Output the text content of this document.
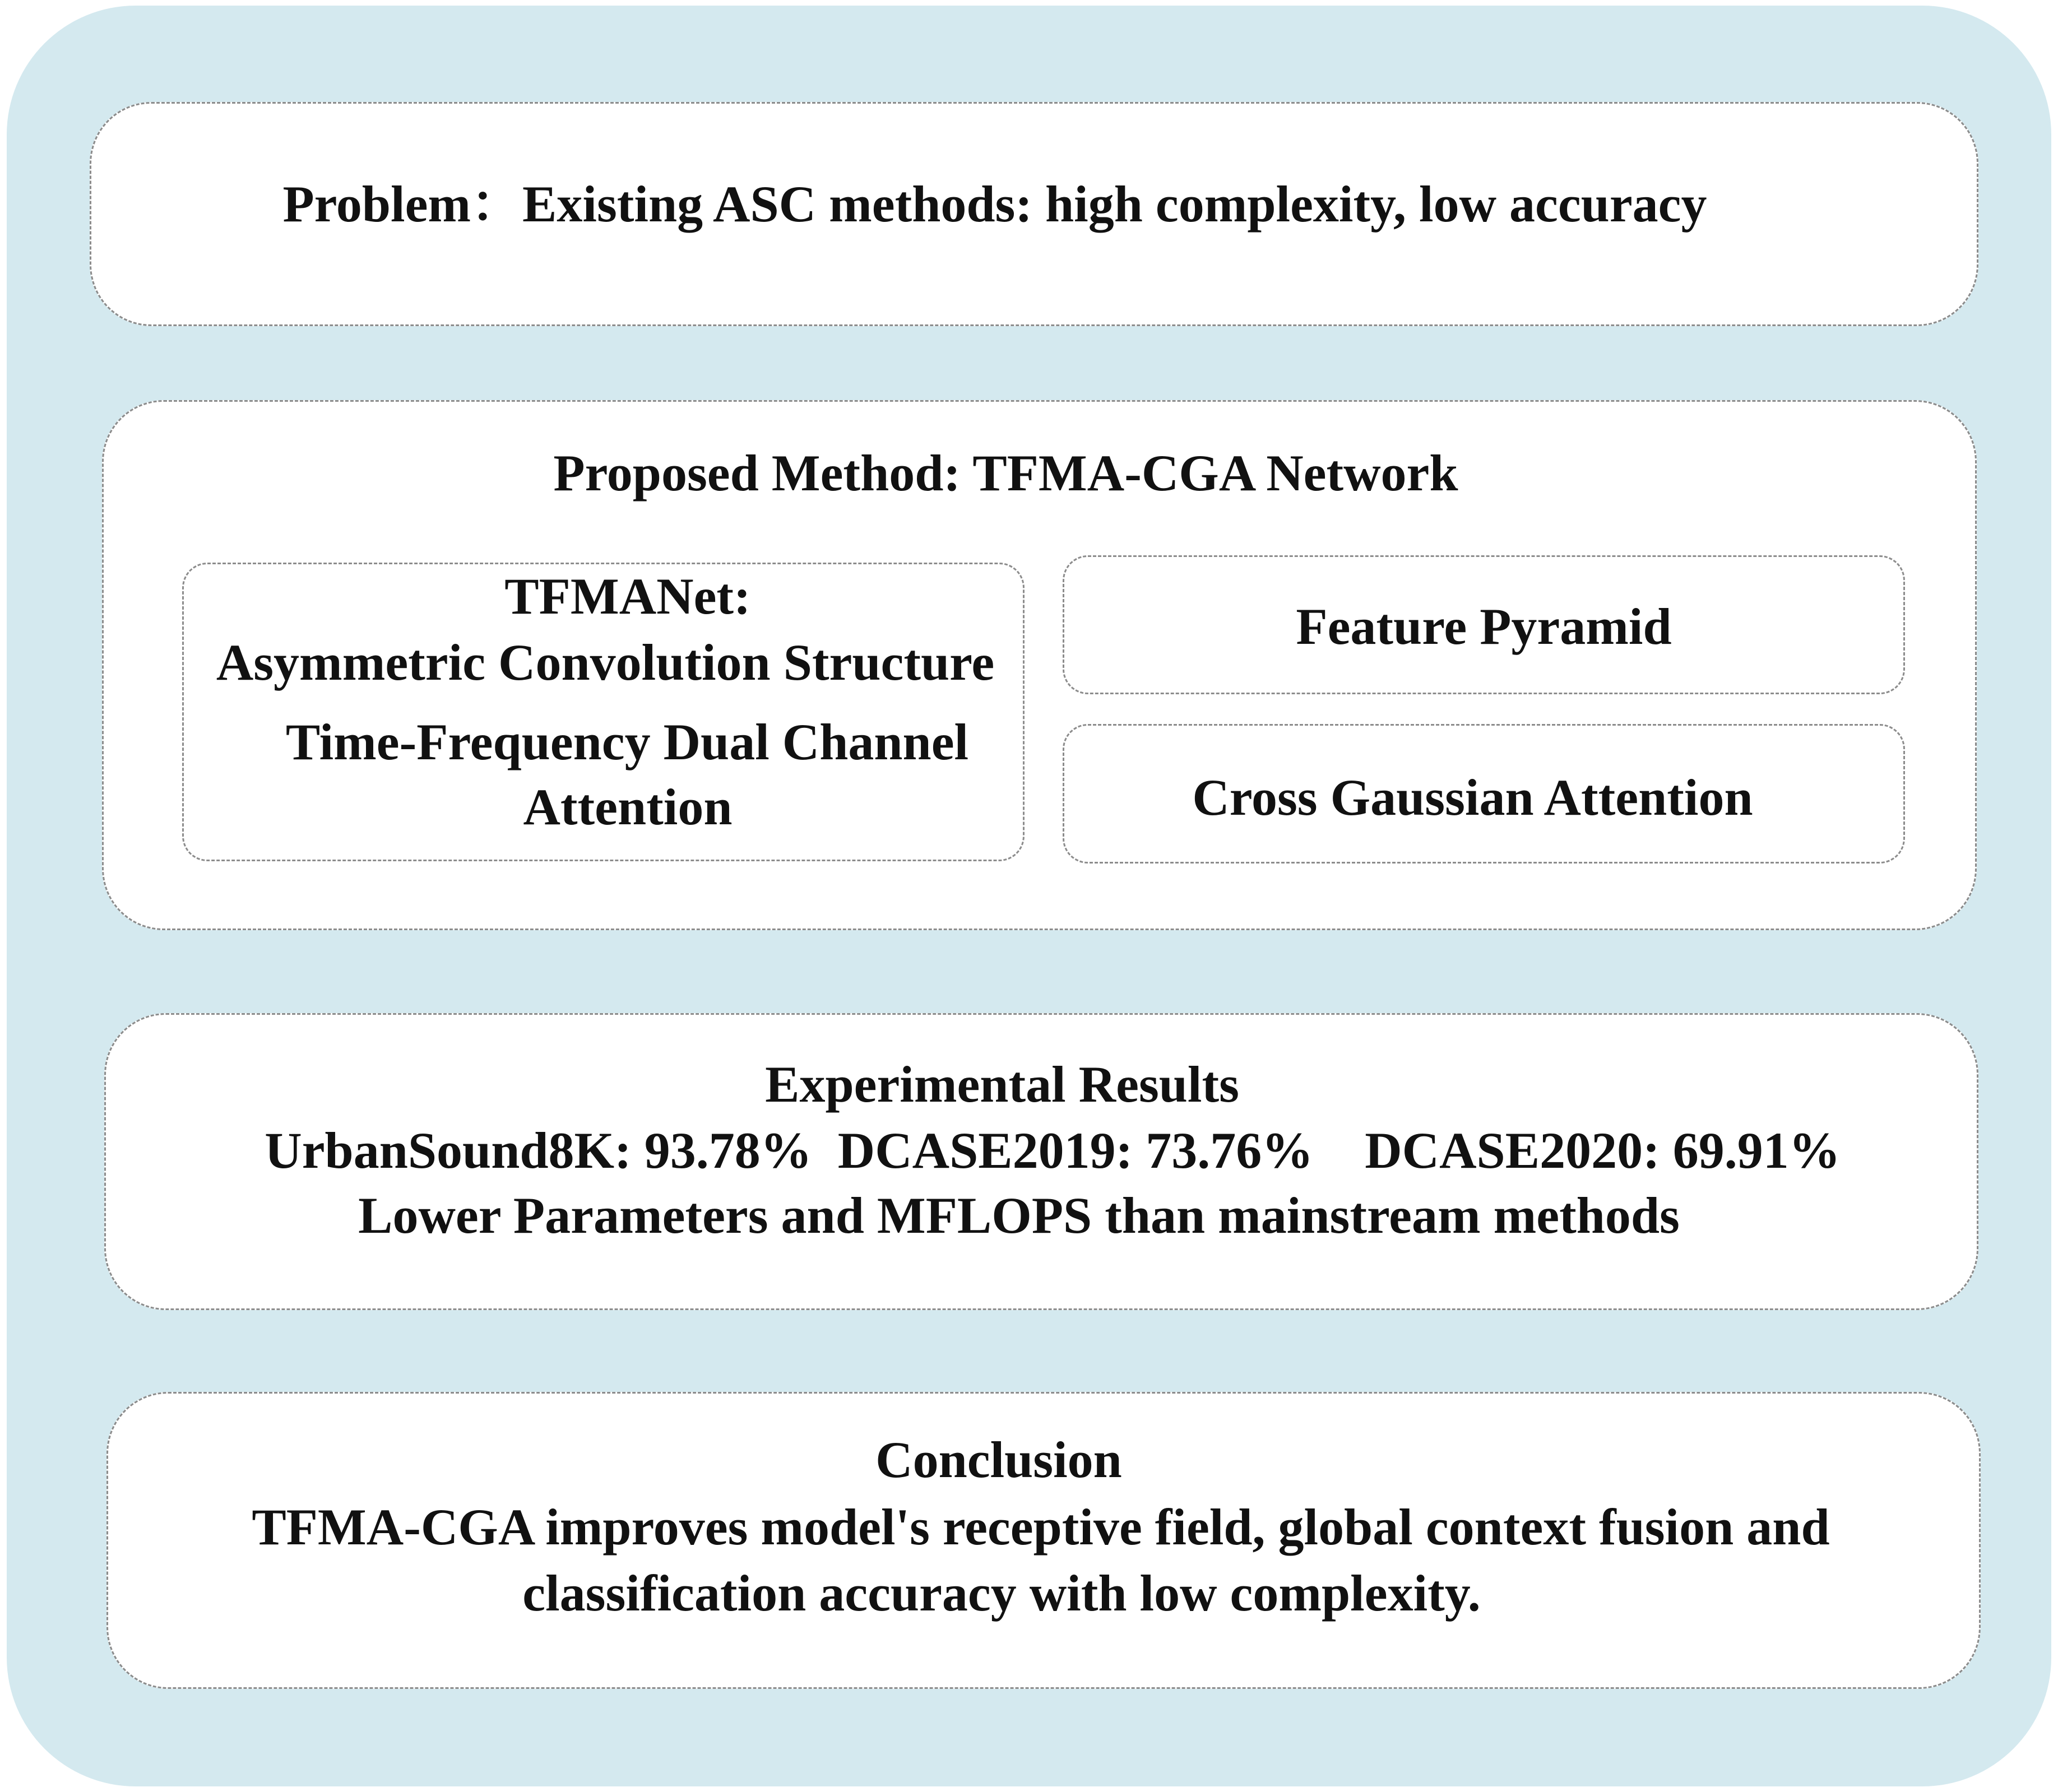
Problem：Existing ASC methods: high complexity, low accuracy
Proposed Method: TFMA-CGA Network
TFMANet:
Asymmetric Convolution Structure
Time-Frequency Dual Channel
Attention
Feature Pyramid
Cross Gaussian Attention
Experimental Results
UrbanSound8K: 93.78%  DCASE2019: 73.76%    DCASE2020: 69.91%
Lower Parameters and MFLOPS than mainstream methods
Conclusion
TFMA-CGA improves model's receptive field, global context fusion and
classification accuracy with low complexity.
